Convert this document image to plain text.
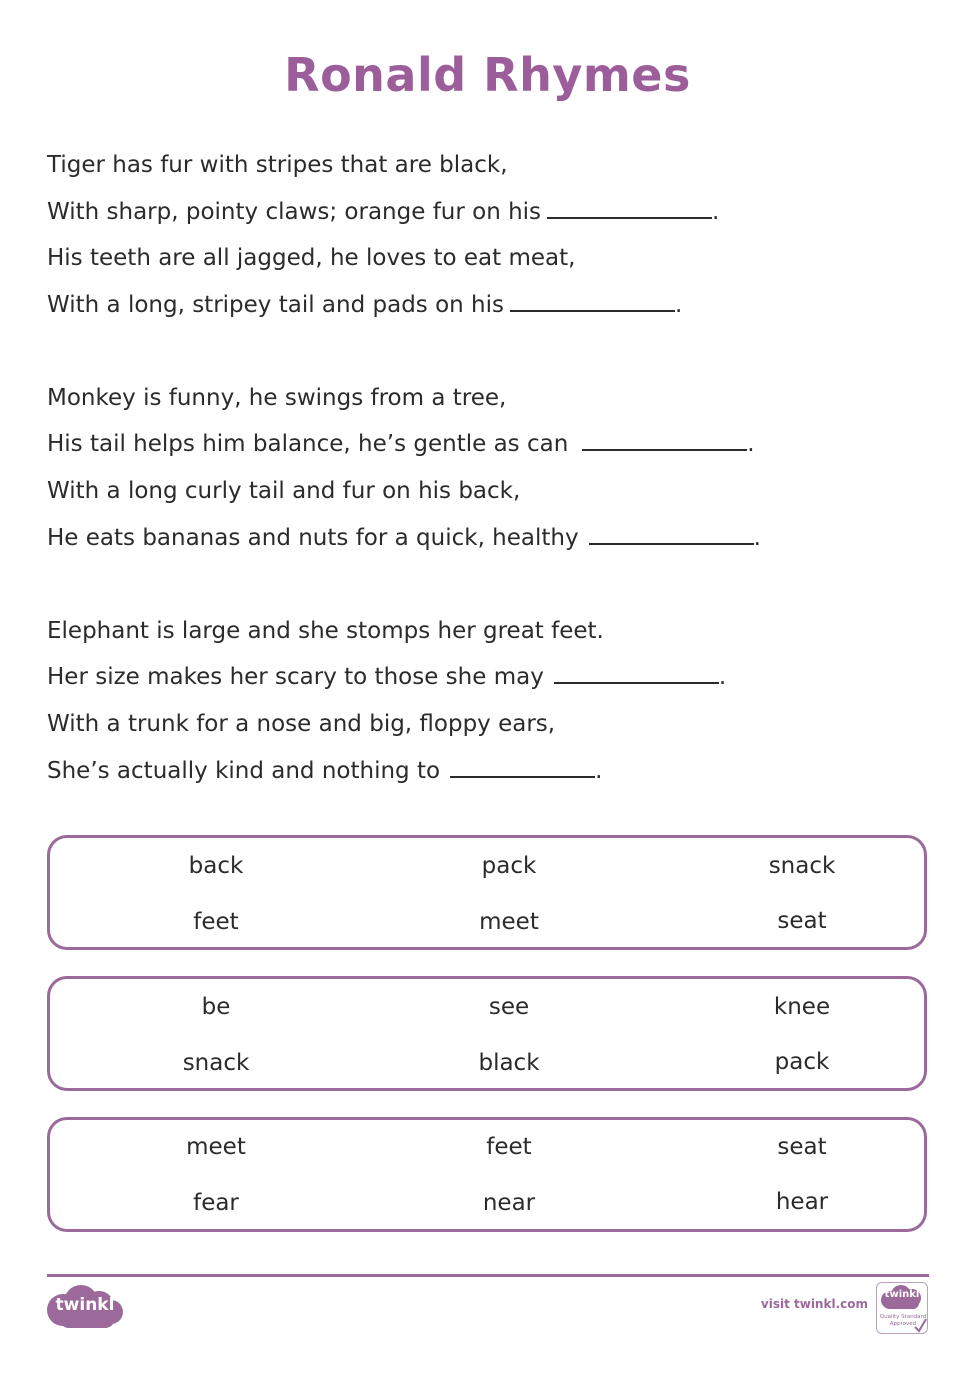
Ronald Rhymes
Tiger has fur with stripes that are black,
With sharp, pointy claws; orange fur on his	.
His teeth are all jagged, he loves to eat meat,
With a long, stripey tail and pads on his	.
Monkey is funny, he swings from a tree,
His tail helps him balance, he’s gentle as can	.
With a long curly tail and fur on his back,
He eats bananas and nuts for a quick, healthy	.
Elephant is large and she stomps her great feet.
Her size makes her scary to those she may	.
With a trunk for a nose and big, floppy ears,
She’s actually kind and nothing to	.
back	pack	snack
feet	meet	seat
be	see	knee
snack	black	pack
meet	feet	seat
fear	near	hear
twinkl	visit twinkl.com
twinkl
Quality Standard
Approved
